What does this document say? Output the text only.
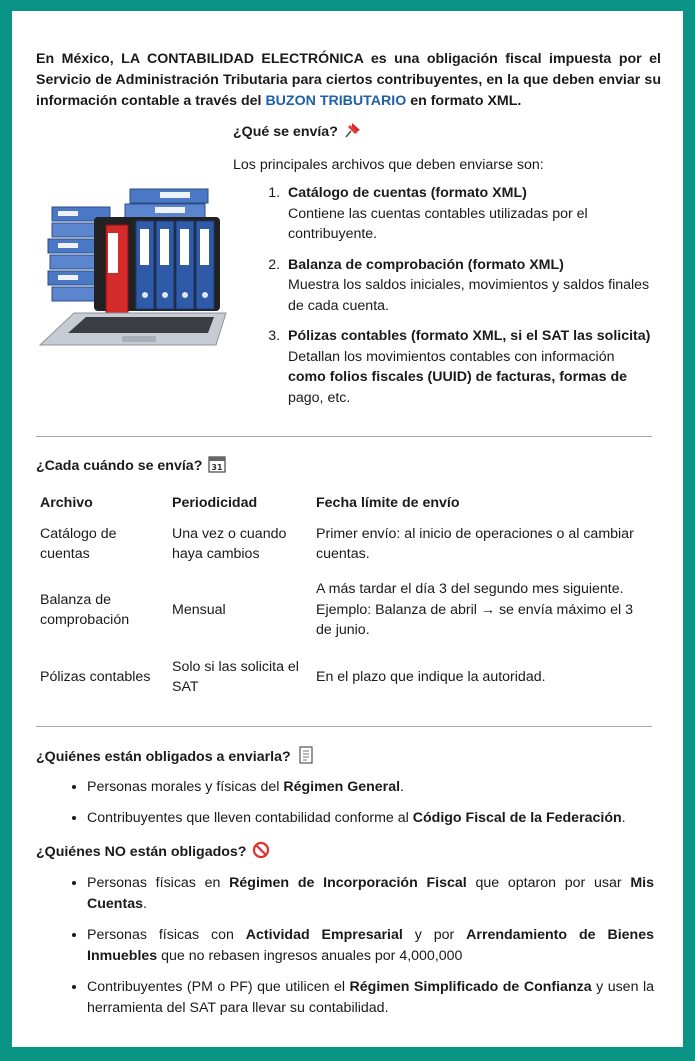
En México, LA CONTABILIDAD ELECTRÓNICA es una obligación fiscal impuesta por el Servicio de Administración Tributaria para ciertos contribuyentes, en la que deben enviar su información contable a través del BUZON TRIBUTARIO en formato XML.

¿Qué se envía?
Los principales archivos que deben enviarse son:
1. Catálogo de cuentas (formato XML)
Contiene las cuentas contables utilizadas por el contribuyente.
2. Balanza de comprobación (formato XML)
Muestra los saldos iniciales, movimientos y saldos finales de cada cuenta.
3. Pólizas contables (formato XML, si el SAT las solicita)
Detallan los movimientos contables con información como folios fiscales (UUID) de facturas, formas de pago, etc.
¿Cada cuándo se envía? 31
Archivo	Periodicidad	Fecha límite de envío
Catálogo de cuentas	Una vez o cuando haya cambios	Primer envío: al inicio de operaciones o al cambiar cuentas.
Balanza de comprobación	Mensual	A más tardar el día 3 del segundo mes siguiente. Ejemplo: Balanza de abril → se envía máximo el 3 de junio.
Pólizas contables	Solo si las solicita el SAT	En el plazo que indique la autoridad.
¿Quiénes están obligados a enviarla?
• Personas morales y físicas del Régimen General.
• Contribuyentes que lleven contabilidad conforme al Código Fiscal de la Federación.
¿Quiénes NO están obligados?
• Personas físicas en Régimen de Incorporación Fiscal que optaron por usar Mis Cuentas.
• Personas físicas con Actividad Empresarial y por Arrendamiento de Bienes Inmuebles que no rebasen ingresos anuales por 4,000,000
• Contribuyentes (PM o PF) que utilicen el Régimen Simplificado de Confianza y usen la herramienta del SAT para llevar su contabilidad.
